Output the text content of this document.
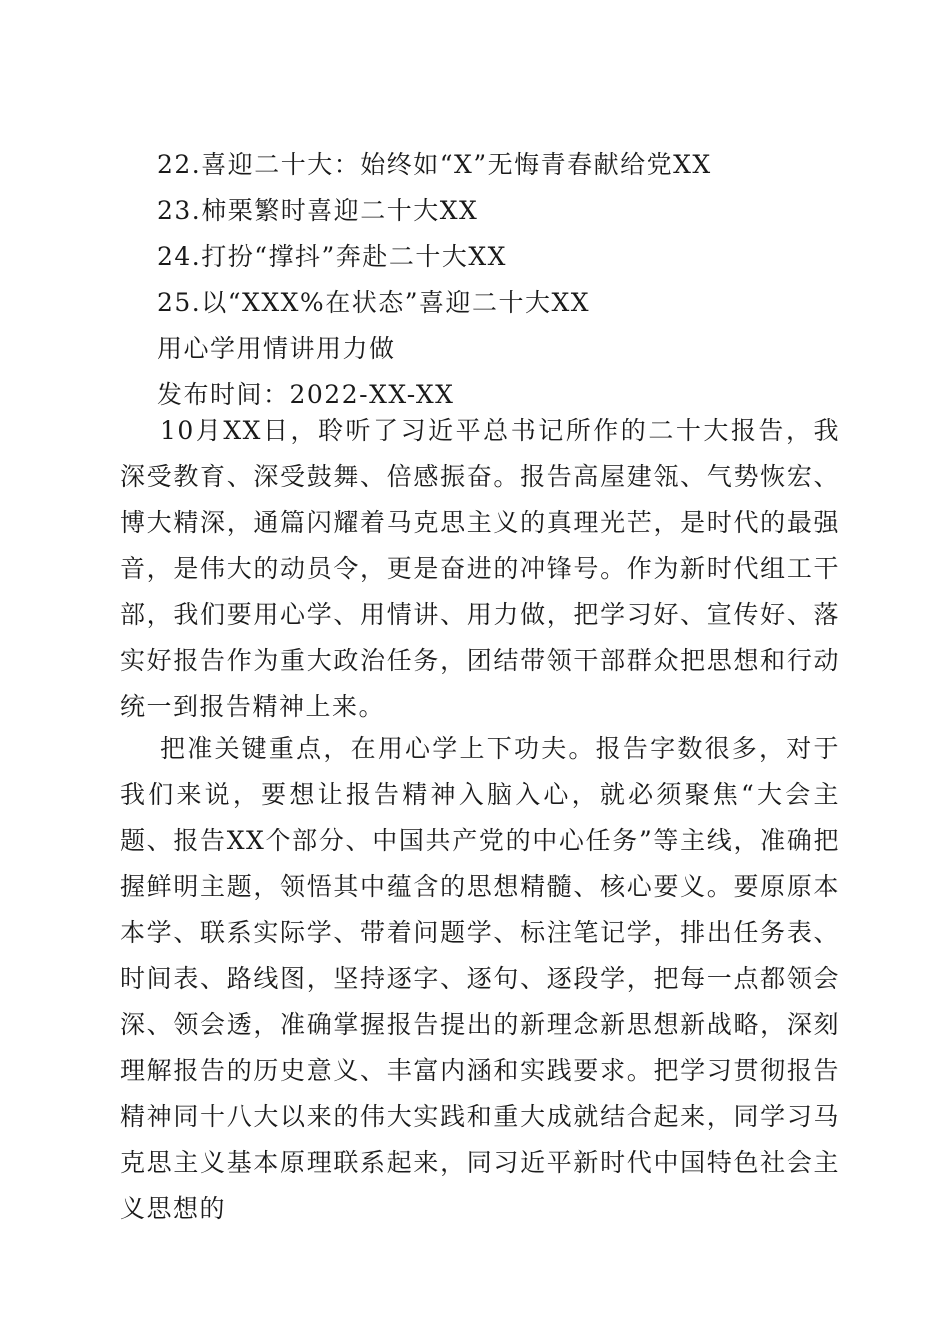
22.喜迎二十大：始终如“X”无悔青春献给党XX
23.柿栗繁时喜迎二十大XX
24.打扮“撑抖”奔赴二十大XX
25.以“XXX%在状态”喜迎二十大XX
用心学用情讲用力做
发布时间：2022-XX-XX

10月XX日，聆听了习近平总书记所作的二十大报告，我深受教育、深受鼓舞、倍感振奋。报告高屋建瓴、气势恢宏、博大精深，通篇闪耀着马克思主义的真理光芒，是时代的最强音，是伟大的动员令，更是奋进的冲锋号。作为新时代组工干部，我们要用心学、用情讲、用力做，把学习好、宣传好、落实好报告作为重大政治任务，团结带领干部群众把思想和行动统一到报告精神上来。

把准关键重点，在用心学上下功夫。报告字数很多，对于我们来说，要想让报告精神入脑入心，就必须聚焦“大会主题、报告XX个部分、中国共产党的中心任务”等主线，准确把握鲜明主题，领悟其中蕴含的思想精髓、核心要义。要原原本本学、联系实际学、带着问题学、标注笔记学，排出任务表、时间表、路线图，坚持逐字、逐句、逐段学，把每一点都领会深、领会透，准确掌握报告提出的新理念新思想新战略，深刻理解报告的历史意义、丰富内涵和实践要求。把学习贯彻报告精神同十八大以来的伟大实践和重大成就结合起来，同学习马克思主义基本原理联系起来，同习近平新时代中国特色社会主义思想的
